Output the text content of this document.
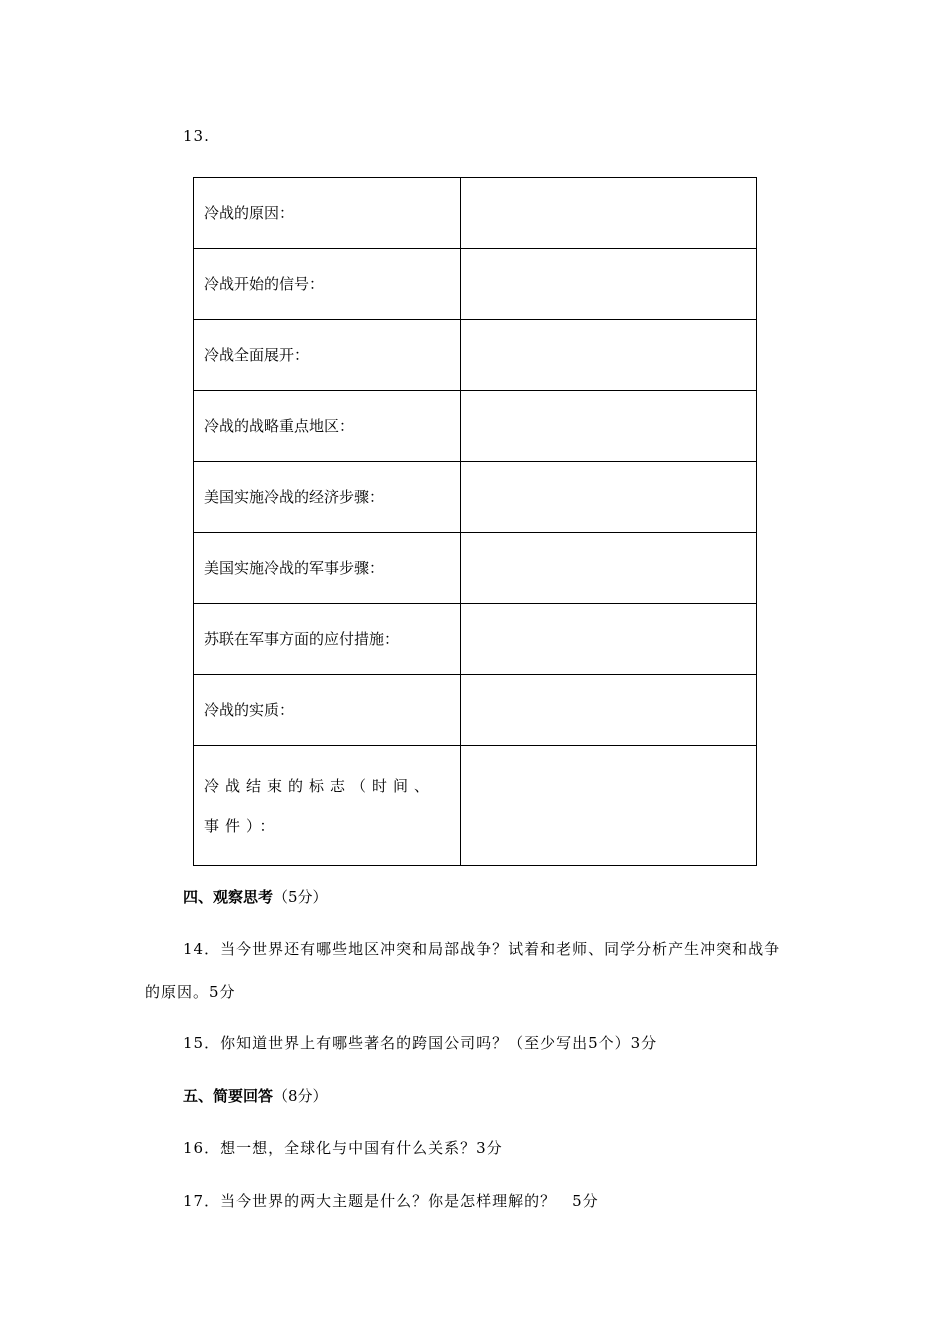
13.
冷战的原因：	
冷战开始的信号：	
冷战全面展开：	
冷战的战略重点地区：	
美国实施冷战的经济步骤：	
美国实施冷战的军事步骤：	
苏联在军事方面的应付措施：	
冷战的实质：	
冷战结束的标志（时间、事件）：	
四、观察思考（5分）
14．当今世界还有哪些地区冲突和局部战争？试着和老师、同学分析产生冲突和战争
的原因。5分
15．你知道世界上有哪些著名的跨国公司吗？（至少写出5个）3分
五、简要回答（8分）
16．想一想，全球化与中国有什么关系？3分
17．当今世界的两大主题是什么？你是怎样理解的？　5分
